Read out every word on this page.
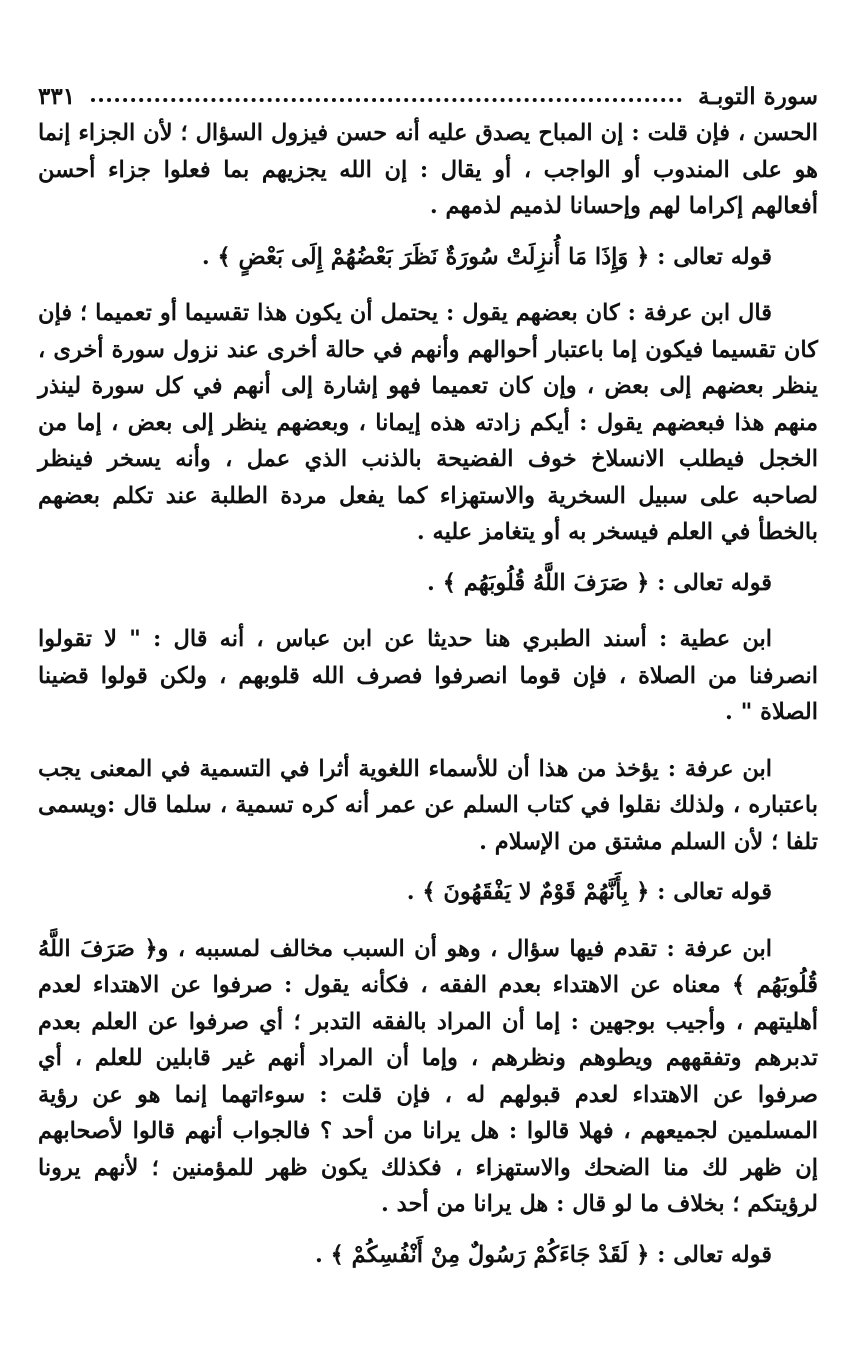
سورة التوبـة
٣٣١

الحسن ، فإن قلت : إن المباح يصدق عليه أنه حسن فيزول السؤال ؛ لأن الجزاء إنما هو على المندوب أو الواجب ، أو يقال : إن الله يجزيهم بما فعلوا جزاء أحسن أفعالهم إكراما لهم وإحسانا لذميم لذمهم .

قوله تعالى : ﴿ وَإِذَا مَا أُنزِلَتْ سُورَةٌ نَظَرَ بَعْضُهُمْ إِلَى بَعْضٍ ﴾ .

قال ابن عرفة : كان بعضهم يقول : يحتمل أن يكون هذا تقسيما أو تعميما ؛ فإن كان تقسيما فيكون إما باعتبار أحوالهم وأنهم في حالة أخرى عند نزول سورة أخرى ، ينظر بعضهم إلى بعض ، وإن كان تعميما فهو إشارة إلى أنهم في كل سورة لينذر منهم هذا فبعضهم يقول : أيكم زادته هذه إيمانا ، وبعضهم ينظر إلى بعض ، إما من الخجل فيطلب الانسلاخ خوف الفضيحة بالذنب الذي عمل ، وأنه يسخر فينظر لصاحبه على سبيل السخرية والاستهزاء كما يفعل مردة الطلبة عند تكلم بعضهم بالخطأ في العلم فيسخر به أو يتغامز عليه .

قوله تعالى : ﴿ صَرَفَ اللَّهُ قُلُوبَهُم ﴾ .

ابن عطية : أسند الطبري هنا حديثا عن ابن عباس ، أنه قال : " لا تقولوا انصرفنا من الصلاة ، فإن قوما انصرفوا فصرف الله قلوبهم ، ولكن قولوا قضينا الصلاة " .

ابن عرفة : يؤخذ من هذا أن للأسماء اللغوية أثرا في التسمية في المعنى يجب باعتباره ، ولذلك نقلوا في كتاب السلم عن عمر أنه كره تسمية ، سلما قال :ويسمى تلفا ؛ لأن السلم مشتق من الإسلام .

قوله تعالى : ﴿ بِأَنَّهُمْ قَوْمٌ لا يَفْقَهُونَ ﴾ .

ابن عرفة : تقدم فيها سؤال ، وهو أن السبب مخالف لمسببه ، و﴿ صَرَفَ اللَّهُ قُلُوبَهُم ﴾ معناه عن الاهتداء بعدم الفقه ، فكأنه يقول : صرفوا عن الاهتداء لعدم أهليتهم ، وأجيب بوجهين : إما أن المراد بالفقه التدبر ؛ أي صرفوا عن العلم بعدم تدبرهم وتفقههم ويطوهم ونظرهم ، وإما أن المراد أنهم غير قابلين للعلم ، أي صرفوا عن الاهتداء لعدم قبولهم له ، فإن قلت : سوءاتهما إنما هو عن رؤية المسلمين لجميعهم ، فهلا قالوا : هل يرانا من أحد ؟ فالجواب أنهم قالوا لأصحابهم إن ظهر لك منا الضحك والاستهزاء ، فكذلك يكون ظهر للمؤمنين ؛ لأنهم يرونا لرؤيتكم ؛ بخلاف ما لو قال : هل يرانا من أحد .

قوله تعالى : ﴿ لَقَدْ جَاءَكُمْ رَسُولٌ مِنْ أَنْفُسِكُمْ ﴾ .
